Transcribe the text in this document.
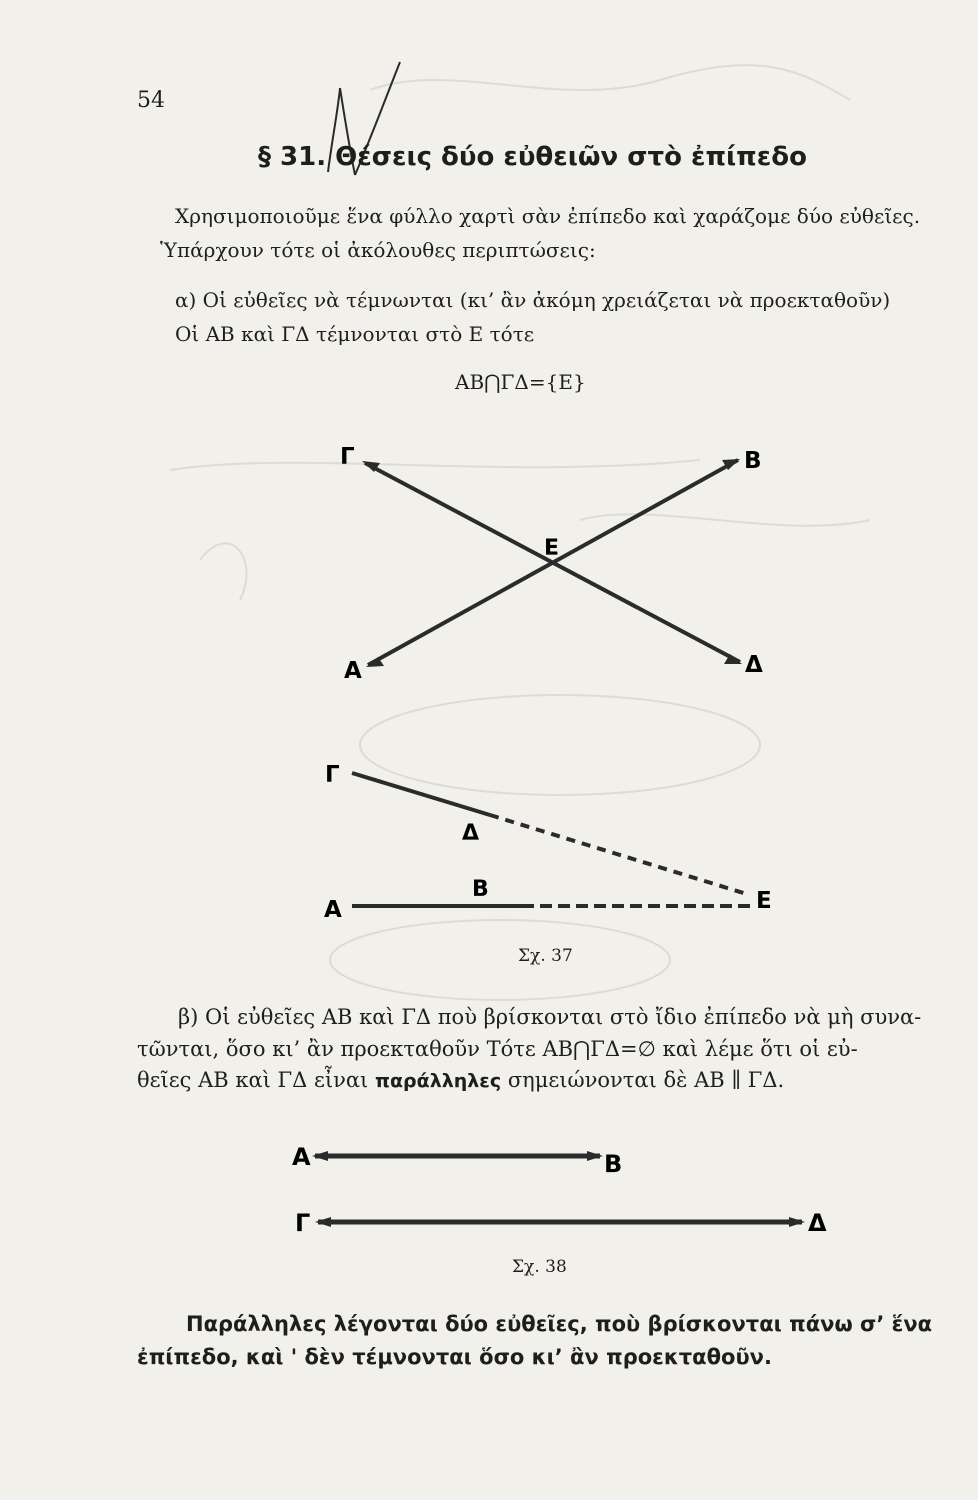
54
§ 31. Θέσεις δύο εὐθειῶν στὸ ἐπίπεδο
Χρησιμοποιοῦμε ἕνα φύλλο χαρτὶ σὰν ἐπίπεδο καὶ χαράζομε δύο εὐθεῖες.
Ὑπάρχουν τότε οἱ ἀκόλουθες περιπτώσεις:
α) Οἱ εὐθεῖες νὰ τέμνωνται (κι’ ἂν ἀκόμη χρειάζεται νὰ προεκταθοῦν)
Οἱ ΑΒ καὶ ΓΔ τέμνονται στὸ Ε τότε
ΑΒ⋂ΓΔ={Ε}
Γ	Β
Ε
Α	Δ
Γ
Δ
Β
Α	Ε
Σχ. 37
β) Οἱ εὐθεῖες ΑΒ καὶ ΓΔ ποὺ βρίσκονται στὸ ἴδιο ἐπίπεδο νὰ μὴ συνα-
τῶνται, ὅσο κι’ ἂν προεκταθοῦν Τότε ΑΒ⋂ΓΔ=∅ καὶ λέμε ὅτι οἱ εὐ-
θεῖες ΑΒ καὶ ΓΔ εἶναι παράλληλες σημειώνονται δὲ ΑΒ ∥ ΓΔ.
Α	Β
Γ	Δ
Σχ. 38
Παράλληλες λέγονται δύο εὐθεῖες, ποὺ βρίσκονται πάνω σ’ ἕνα
ἐπίπεδο, καὶ ' δὲν τέμνονται ὅσο κι’ ἂν προεκταθοῦν.
